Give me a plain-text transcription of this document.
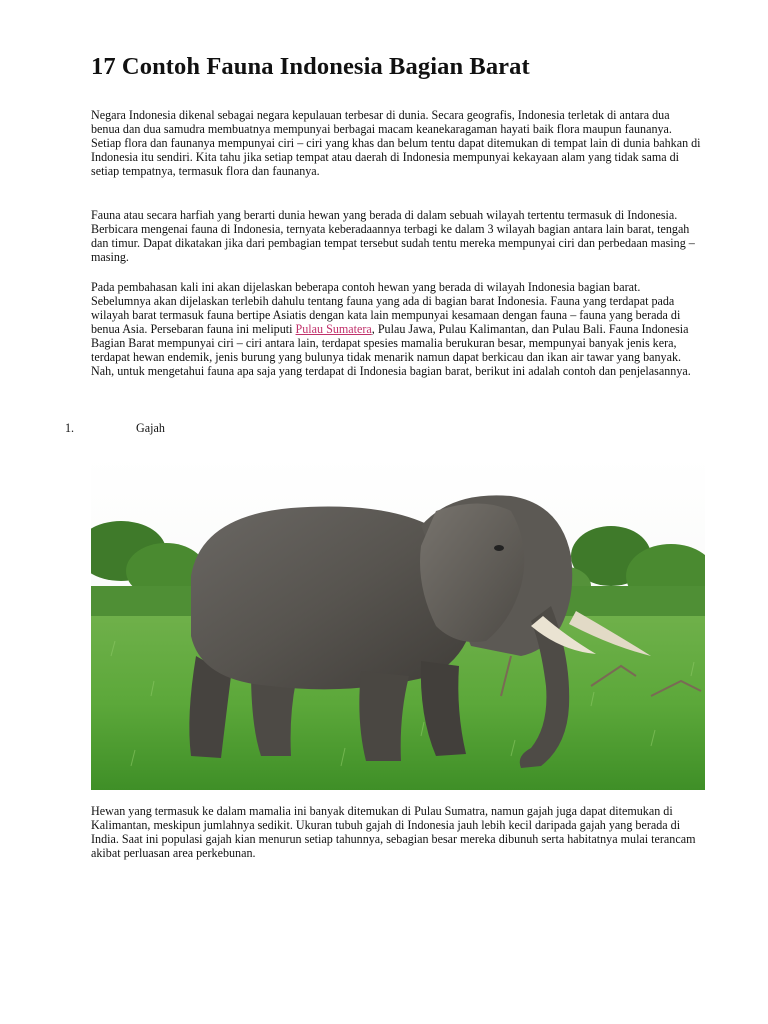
17 Contoh Fauna Indonesia Bagian Barat

Negara Indonesia dikenal sebagai negara kepulauan terbesar di dunia. Secara geografis, Indonesia terletak di antara dua benua dan dua samudra membuatnya mempunyai berbagai macam keanekaragaman hayati baik flora maupun faunanya. Setiap flora dan faunanya mempunyai ciri – ciri yang khas dan belum tentu dapat ditemukan di tempat lain di dunia bahkan di Indonesia itu sendiri. Kita tahu jika setiap tempat atau daerah di Indonesia mempunyai kekayaan alam yang tidak sama di setiap tempatnya, termasuk flora dan faunanya.

Fauna atau secara harfiah yang berarti dunia hewan yang berada di dalam sebuah wilayah tertentu termasuk di Indonesia. Berbicara mengenai fauna di Indonesia, ternyata keberadaannya terbagi ke dalam 3 wilayah bagian antara lain barat, tengah dan timur. Dapat dikatakan jika dari pembagian tempat tersebut sudah tentu mereka mempunyai ciri dan perbedaan masing – masing.

Pada pembahasan kali ini akan dijelaskan beberapa contoh hewan yang berada di wilayah Indonesia bagian barat. Sebelumnya akan dijelaskan terlebih dahulu tentang fauna yang ada di bagian barat Indonesia. Fauna yang terdapat pada wilayah barat termasuk fauna bertipe Asiatis dengan kata lain mempunyai kesamaan dengan fauna – fauna yang berada di benua Asia. Persebaran fauna ini meliputi Pulau Sumatera, Pulau Jawa, Pulau Kalimantan, dan Pulau Bali. Fauna Indonesia Bagian Barat mempunyai ciri – ciri antara lain, terdapat spesies mamalia berukuran besar, mempunyai banyak jenis kera, terdapat hewan endemik, jenis burung yang bulunya tidak menarik namun dapat berkicau dan ikan air tawar yang banyak. Nah, untuk mengetahui fauna apa saja yang terdapat di Indonesia bagian barat, berikut ini adalah contoh dan penjelasannya.

1.	Gajah

Hewan yang termasuk ke dalam mamalia ini banyak ditemukan di Pulau Sumatra, namun gajah juga dapat ditemukan di Kalimantan, meskipun jumlahnya sedikit. Ukuran tubuh gajah di Indonesia jauh lebih kecil daripada gajah yang berada di India. Saat ini populasi gajah kian menurun setiap tahunnya, sebagian besar mereka dibunuh serta habitatnya mulai terancam akibat perluasan area perkebunan.
